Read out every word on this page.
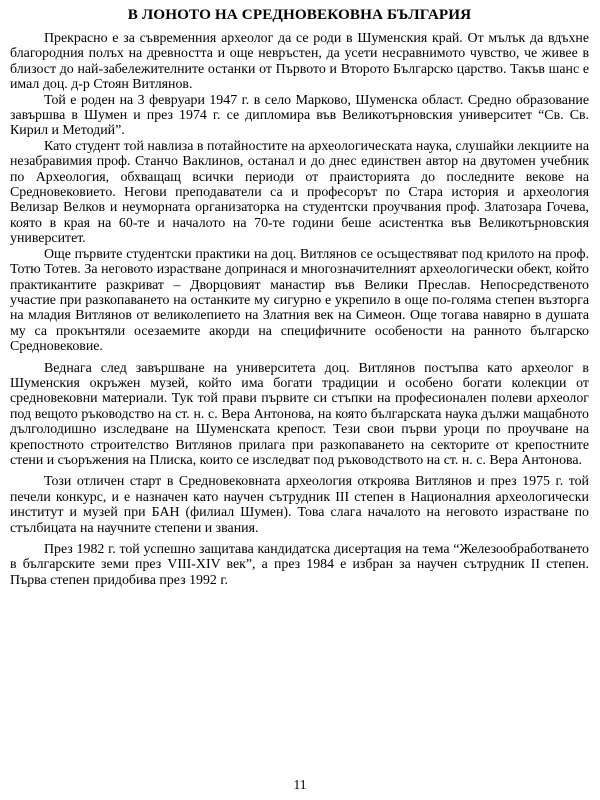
В ЛОНОТО НА СРЕДНОВЕКОВНА БЪЛГАРИЯ

Прекрасно е за съвременния археолог да се роди в Шуменския край. От мълък да вдъхне благородния полъх на древността и още невръстен, да усети несравнимото чувство, че живее в близост до най-забележителните останки от Първото и Второто Българско царство. Такъв шанс е имал доц. д-р Стоян Витлянов.

Той е роден на 3 февруари 1947 г. в село Марково, Шуменска област. Средно образование завършва в Шумен и през 1974 г. се дипломира във Великотърновския университет “Св. Св. Кирил и Методий”.

Като студент той навлиза в потайностите на археологическата наука, слушайки лекциите на незабравимия проф. Станчо Ваклинов, останал и до днес единствен автор на двутомен учебник по Археология, обхващащ всички периоди от праисторията до последните векове на Средновековието. Негови преподаватели са и професорът по Стара история и археология Велизар Велков и неуморната организаторка на студентски проучвания проф. Златозара Гочева, която в края на 60-те и началото на 70-те години беше асистентка във Великотърновския университет.

Още първите студентски практики на доц. Витлянов се осъществяват под крилото на проф. Тотю Тотев. За неговото израстване допринася и многозначителният археологически обект, който практикантите разкриват – Дворцовият манастир във Велики Преслав. Непосредственото участие при разкопаването на останките му сигурно е укрепило в още по-голяма степен възторга на младия Витлянов от великолепието на Златния век на Симеон. Още тогава навярно в душата му са прокънтяли осезаемите акорди на специфичните особености на ранното българско Средновековие.

Веднага след завършване на университета доц. Витлянов постъпва като археолог в Шуменския окръжен музей, който има богати традиции и особено богати колекции от средновековни материали. Тук той прави първите си стъпки на професионален полеви археолог под вещото ръководство на ст. н. с. Вера Антонова, на която българската наука дължи мащабното дълголодишно изследване на Шуменската крепост. Тези свои първи уроци по проучване на крепостното строителство Витлянов прилага при разкопаването на секторите от крепостните стени и съоръжения на Плиска, които се изследват под ръководството на ст. н. с. Вера Антонова.

Този отличен старт в Средновековната археология откроява Витлянов и през 1975 г. той печели конкурс, и е назначен като научен сътрудник III степен в Националния археологически институт и музей при БАН (филиал Шумен). Това слага началото на неговото израстване по стълбицата на научните степени и звания.

През 1982 г. той успешно защитава кандидатска дисертация на тема “Железообработването в българските земи през VIII-XIV век”, а през 1984 е избран за научен сътрудник II степен. Първа степен придобива през 1992 г.

11
